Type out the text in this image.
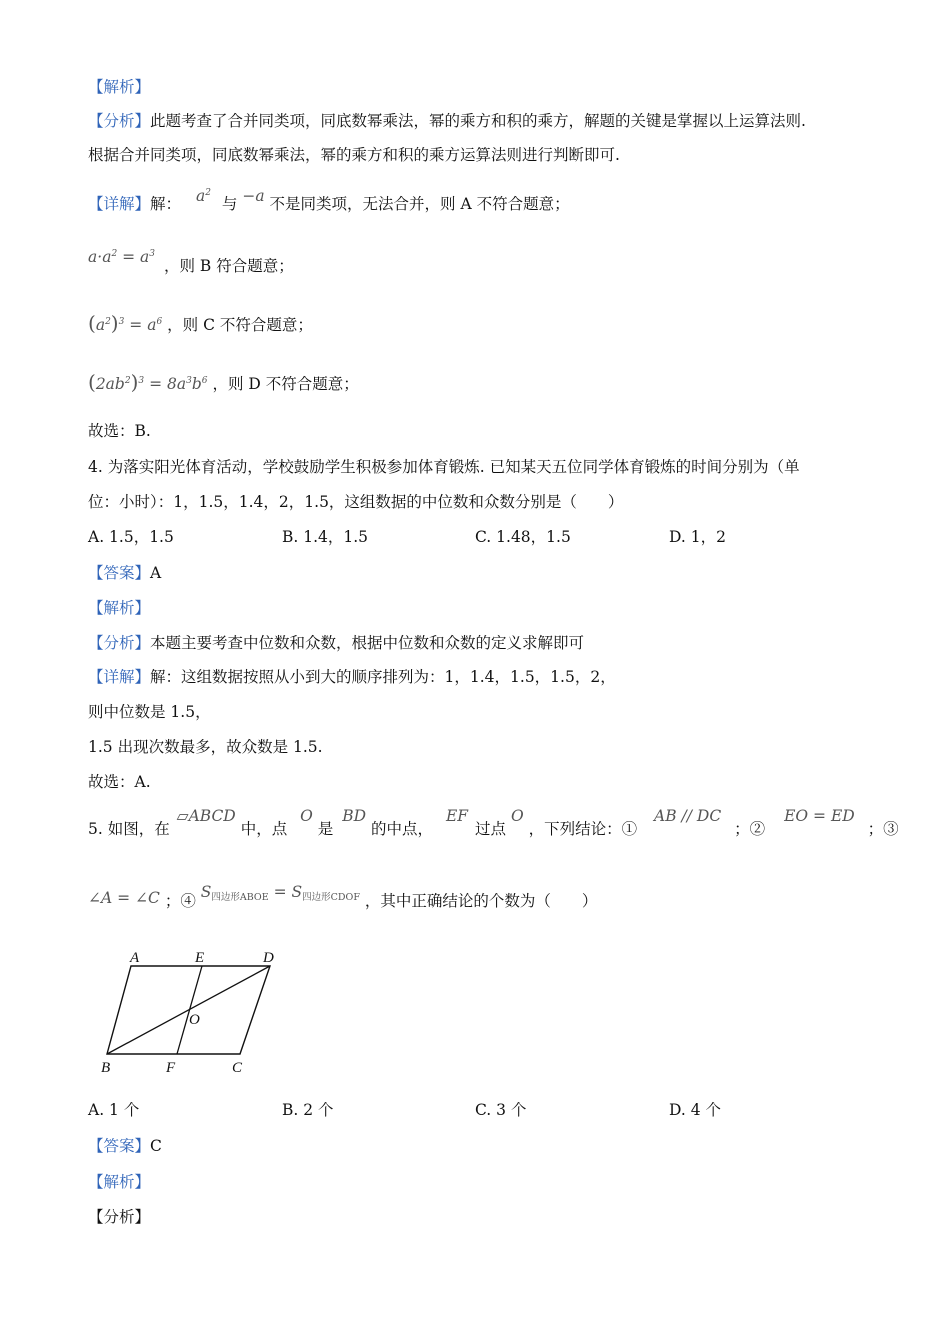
【解析】
【分析】此题考查了合并同类项，同底数幂乘法，幂的乘方和积的乘方，解题的关键是掌握以上运算法则.
根据合并同类项，同底数幂乘法，幂的乘方和积的乘方运算法则进行判断即可.
【详解】解： $a^2$ 与 −a 不是同类项，无法合并，则 A 不符合题意；
$a\cdot a^2 = a^3$ ，则 B 符合题意；
$(a^2)^3 = a^6$ ，则 C 不符合题意；
$(2ab^2)^3 = 8a^3b^6$ ，则 D 不符合题意；
故选：B.
4. 为落实阳光体育活动，学校鼓励学生积极参加体育锻炼. 已知某天五位同学体育锻炼的时间分别为（单
位：小时）：1，1.5，1.4，2，1.5，这组数据的中位数和众数分别是（　　）
A. 1.5，1.5	B. 1.4，1.5	C. 1.48，1.5	D. 1，2
【答案】A
【解析】
【分析】本题主要考查中位数和众数，根据中位数和众数的定义求解即可
【详解】解：这组数据按照从小到大的顺序排列为：1，1.4，1.5，1.5，2，
则中位数是 1.5，
1.5 出现次数最多，故众数是 1.5.
故选：A.
5. 如图，在 ▱ABCD 中，点 O 是 BD 的中点， EF 过点 O ，下列结论：① AB // DC ；② EO = ED ；③
∠A = ∠C ；④ $S_{四边形ABOE} = S_{四边形CDOF}$ ，其中正确结论的个数为（　　）
A	E	D
O
B	F	C
A. 1 个	B. 2 个	C. 3 个	D. 4 个
【答案】C
【解析】
【分析】
